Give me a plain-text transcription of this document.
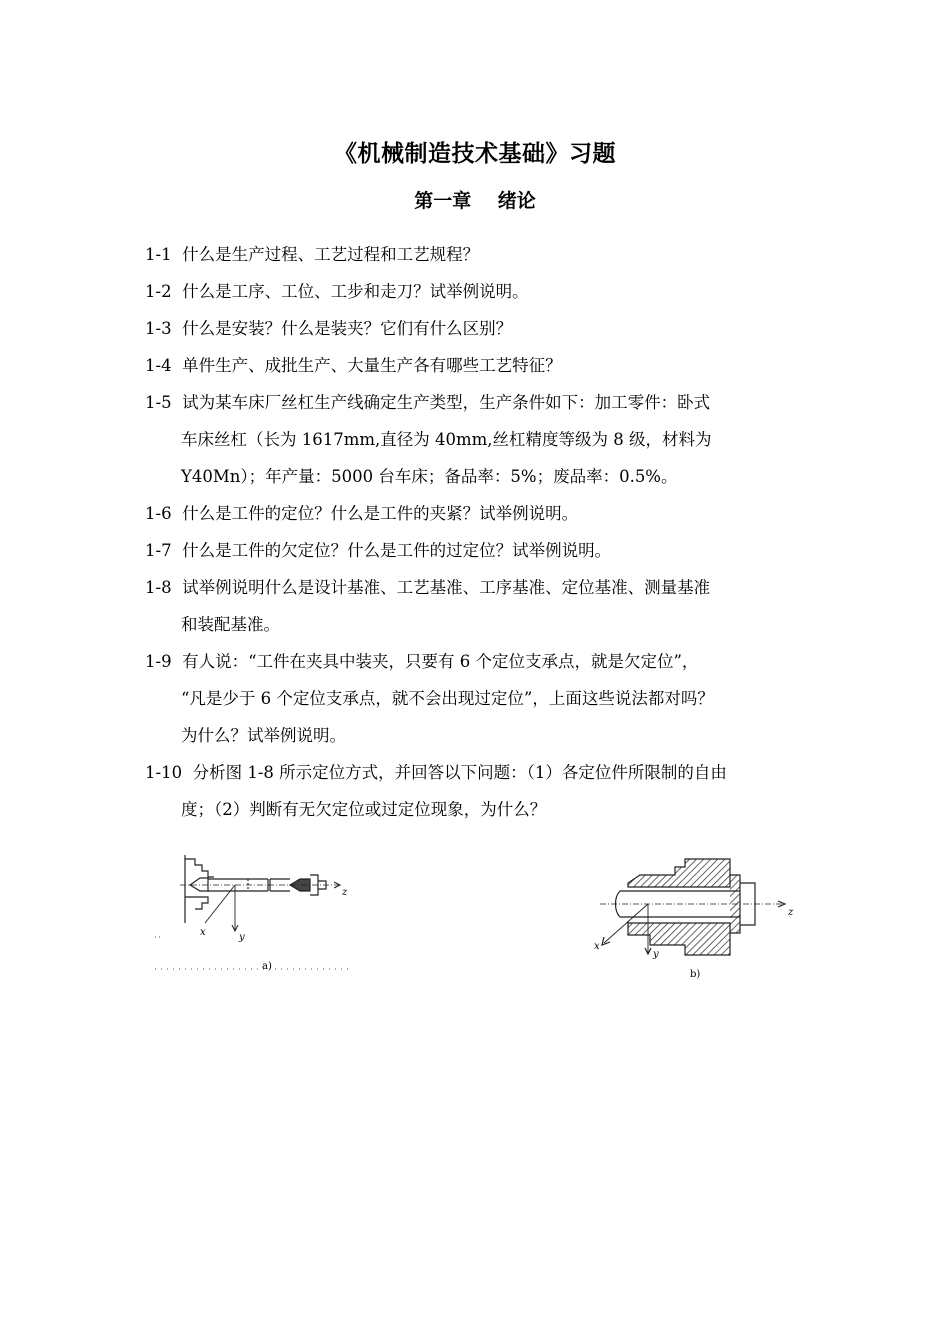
《机械制造技术基础》习题
第一章    绪论
1-1 什么是生产过程、工艺过程和工艺规程？
1-2 什么是工序、工位、工步和走刀？试举例说明。
1-3 什么是安装？什么是装夹？它们有什么区别？
1-4 单件生产、成批生产、大量生产各有哪些工艺特征？
1-5 试为某车床厂丝杠生产线确定生产类型，生产条件如下：加工零件：卧式
车床丝杠（长为 1617mm,直径为 40mm,丝杠精度等级为 8 级，材料为
Y40Mn）；年产量：5000 台车床；备品率：5%；废品率：0.5%。
1-6 什么是工件的定位？什么是工件的夹紧？试举例说明。
1-7 什么是工件的欠定位？什么是工件的过定位？试举例说明。
1-8 试举例说明什么是设计基准、工艺基准、工序基准、定位基准、测量基准
和装配基准。
1-9 有人说：“工件在夹具中装夹，只要有 6 个定位支承点，就是欠定位”，
“凡是少于 6 个定位支承点，就不会出现过定位”，上面这些说法都对吗？
为什么？试举例说明。
1-10 分析图 1-8 所示定位方式，并回答以下问题：（1）各定位件所限制的自由
度；（2）判断有无欠定位或过定位现象，为什么？
z
y
x
a)
x
y
z
b)
